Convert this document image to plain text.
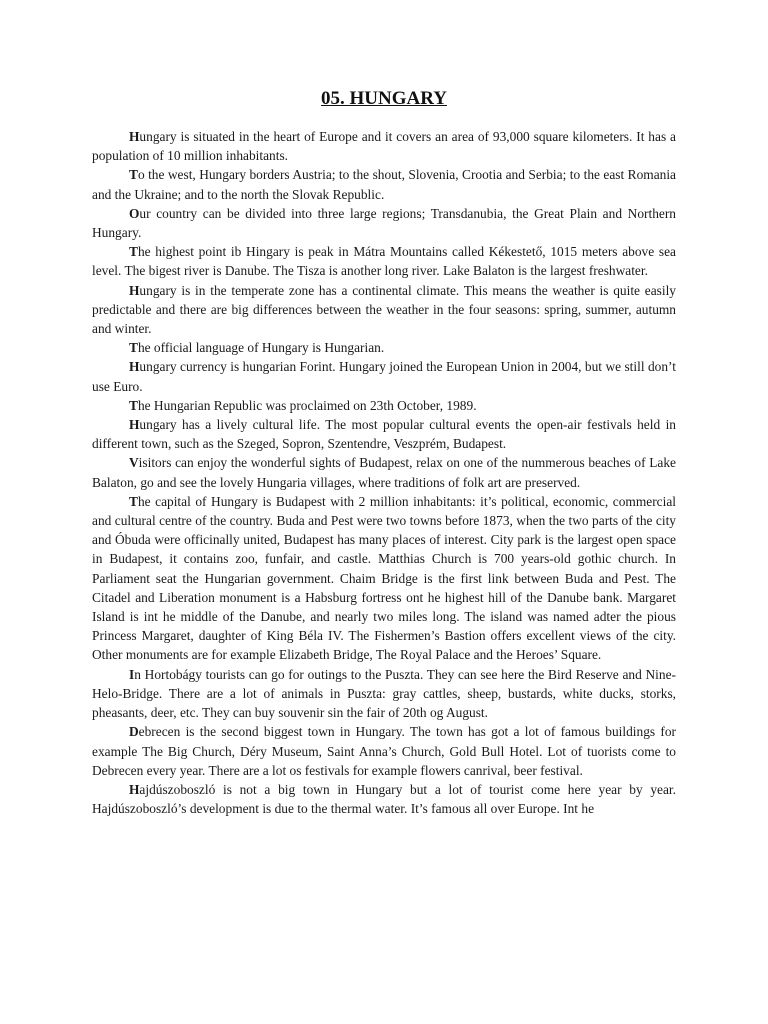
05. HUNGARY

Hungary is situated in the heart of Europe and it covers an area of 93,000 square kilometers. It has a population of 10 million inhabitants.

To the west, Hungary borders Austria; to the shout, Slovenia, Crootia and Serbia; to the east Romania and the Ukraine; and to the north the Slovak Republic.

Our country can be divided into three large regions; Transdanubia, the Great Plain and Northern Hungary.

The highest point ib Hingary is peak in Mátra Mountains called Kékestető, 1015 meters above sea level. The bigest river is Danube. The Tisza is another long river. Lake Balaton is the largest freshwater.

Hungary is in the temperate zone has a continental climate. This means the weather is quite easily predictable and there are big differences between the weather in the four seasons: spring, summer, autumn and winter.

The official language of Hungary is Hungarian.

Hungary currency is hungarian Forint. Hungary joined the European Union in 2004, but we still don’t use Euro.

The Hungarian Republic was proclaimed on 23th October, 1989.

Hungary has a lively cultural life. The most popular cultural events the open-air festivals held in different town, such as the Szeged, Sopron, Szentendre, Veszprém, Budapest.

Visitors can enjoy the wonderful sights of Budapest, relax on one of the nummerous beaches of Lake Balaton, go and see the lovely Hungaria villages, where traditions of folk art are preserved.

The capital of Hungary is Budapest with 2 million inhabitants: it’s political, economic, commercial and cultural centre of the country. Buda and Pest were two towns before 1873, when the two parts of the city and Óbuda were officinally united, Budapest has many places of interest. City park is the largest open space in Budapest, it contains zoo, funfair, and castle. Matthias Church is 700 years-old gothic church. In Parliament seat the Hungarian government. Chaim Bridge is the first link between Buda and Pest. The Citadel and Liberation monument is a Habsburg fortress ont he highest hill of the Danube bank. Margaret Island is int he middle of the Danube, and nearly two miles long. The island was named adter the pious Princess Margaret, daughter of King Béla IV. The Fishermen’s Bastion offers excellent views of the city. Other monuments are for example Elizabeth Bridge, The Royal Palace and the Heroes’ Square.

In Hortobágy tourists can go for outings to the Puszta. They can see here the Bird Reserve and Nine-Helo-Bridge. There are a lot of animals in Puszta: gray cattles, sheep, bustards, white ducks, storks, pheasants, deer, etc. They can buy souvenir sin the fair of 20th og August.

Debrecen is the second biggest town in Hungary. The town has got a lot of famous buildings for example The Big Church, Déry Museum, Saint Anna’s Church, Gold Bull Hotel. Lot of tuorists come to Debrecen every year. There are a lot os festivals for example flowers canrival, beer festival.

Hajdúszoboszló is not a big town in Hungary but a lot of tourist come here year by year. Hajdúszoboszló’s development is due to the thermal water. It’s famous all over Europe. Int he
